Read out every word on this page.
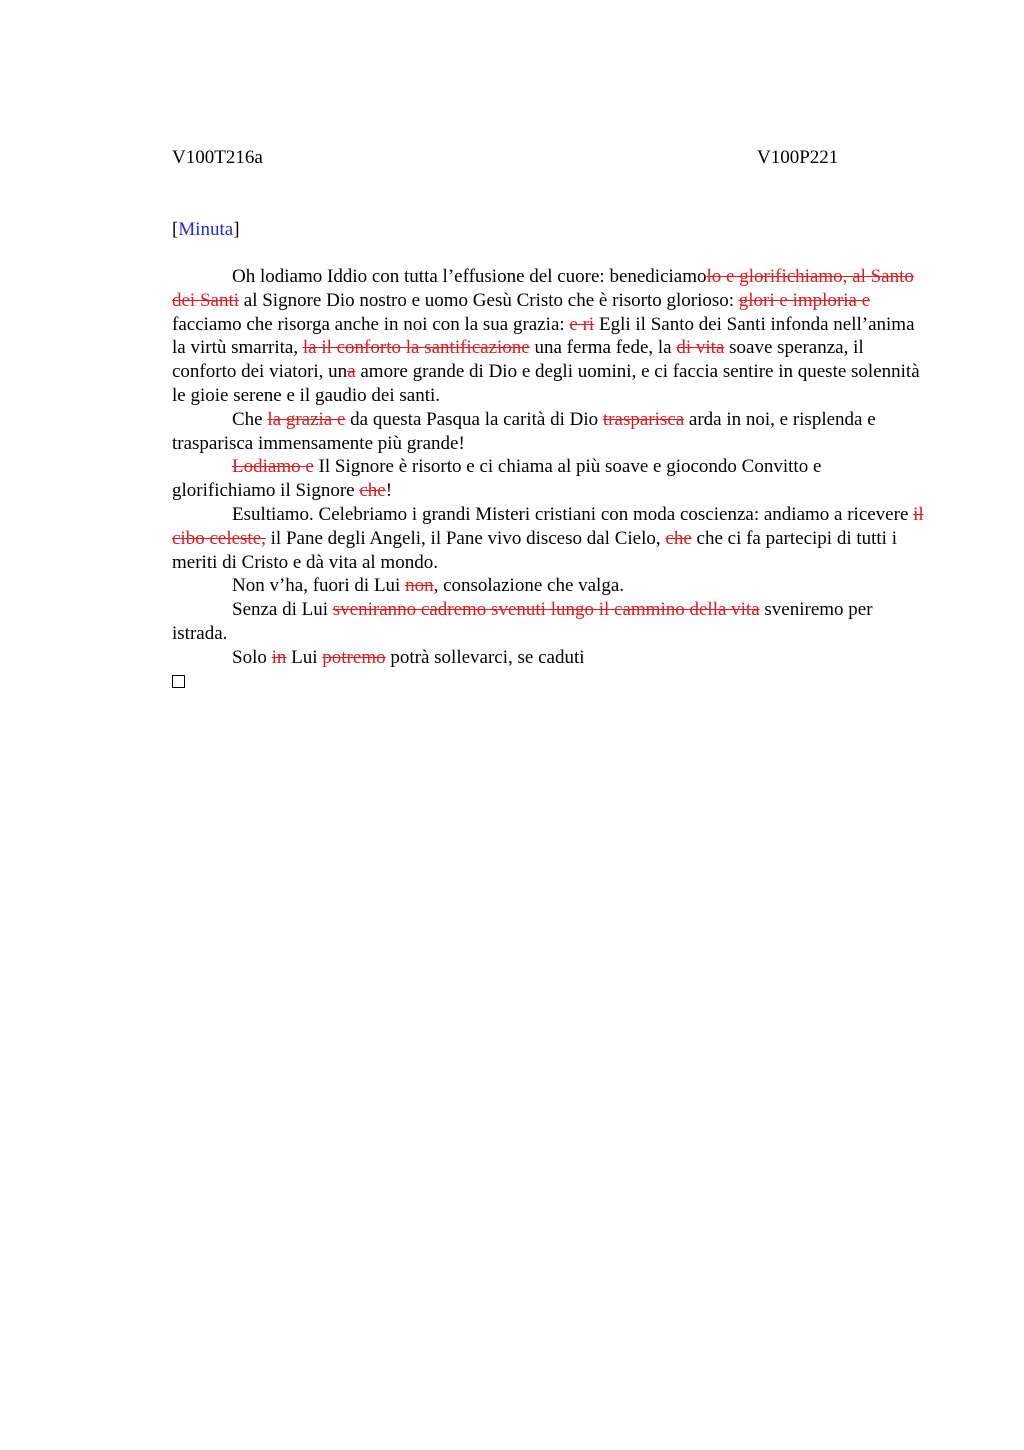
V100T216a	V100P221
[Minuta]

Oh lodiamo Iddio con tutta l’effusione del cuore: benediciamolo e glorifichiamo, al Santo dei Santi al Signore Dio nostro e uomo Gesù Cristo che è risorto glorioso: glori e imploria e facciamo che risorga anche in noi con la sua grazia: e ri Egli il Santo dei Santi infonda nell’anima la virtù smarrita, la il conforto la santificazione una ferma fede, la di vita soave speranza, il conforto dei viatori, una amore grande di Dio e degli uomini, e ci faccia sentire in queste solennità le gioie serene e il gaudio dei santi.

Che la grazia e da questa Pasqua la carità di Dio trasparisca arda in noi, e risplenda e trasparisca immensamente più grande!

Lodiamo e Il Signore è risorto e ci chiama al più soave e giocondo Convitto e glorifichiamo il Signore che!

Esultiamo. Celebriamo i grandi Misteri cristiani con moda coscienza: andiamo a ricevere il cibo celeste, il Pane degli Angeli, il Pane vivo disceso dal Cielo, che che ci fa partecipi di tutti i meriti di Cristo e dà vita al mondo.

Non v’ha, fuori di Lui non, consolazione che valga.

Senza di Lui sveniranno cadremo svenuti lungo il cammino della vita sveniremo per istrada.

Solo in Lui potremo potrà sollevarci, se caduti
